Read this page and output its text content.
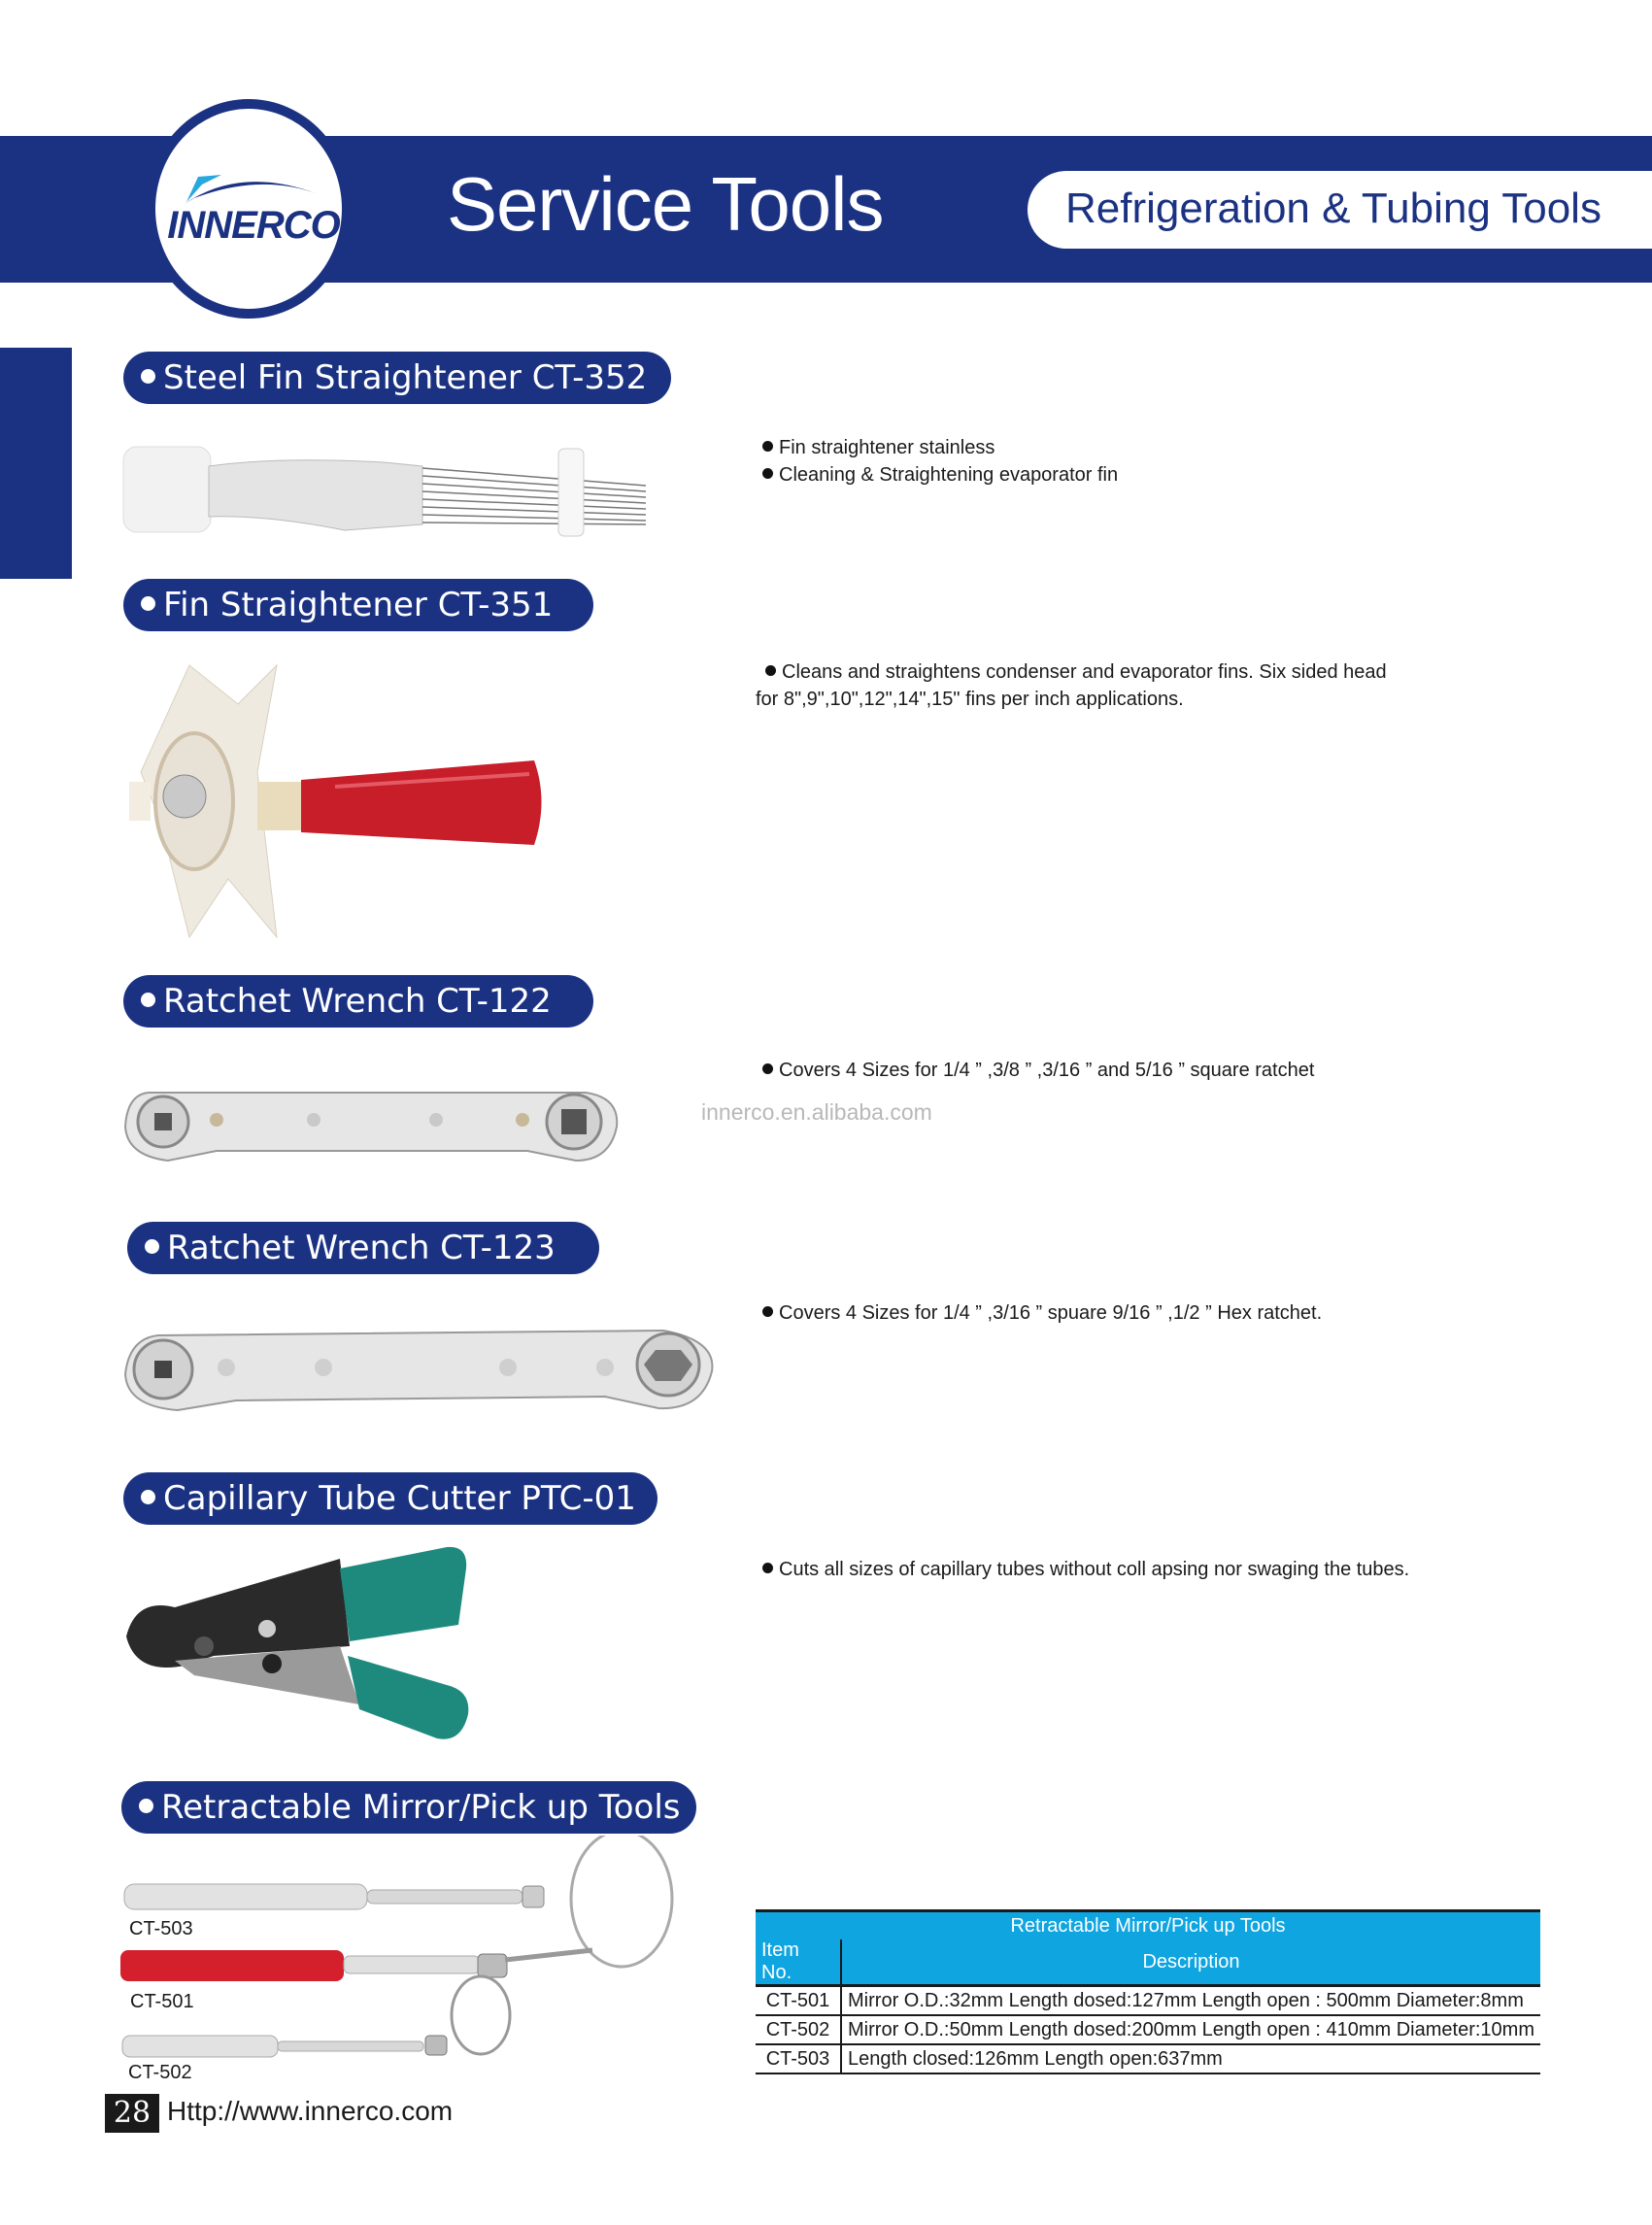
INNERCO Service Tools	Refrigeration & Tubing Tools
Steel Fin Straightener CT-352
Fin straightener stainless
Cleaning & Straightening evaporator fin
Fin Straightener CT-351
Cleans and straightens condenser and evaporator fins. Six sided head
for 8",9",10",12",14",15" fins per inch applications.
Ratchet Wrench CT-122
Covers 4 Sizes for 1/4 ” ,3/8 ” ,3/16 ” and 5/16 ” square ratchet
innerco.en.alibaba.com
Ratchet Wrench CT-123
Covers 4 Sizes for 1/4 ” ,3/16 ” spuare 9/16 ” ,1/2 ” Hex ratchet.
Capillary Tube Cutter PTC-01
Cuts all sizes of capillary tubes without coll apsing nor swaging the tubes.
Retractable Mirror/Pick up Tools
CT-503
CT-501
CT-502
Retractable Mirror/Pick up Tools	
Item No.	Description
CT-501	Mirror O.D.:32mm Length dosed:127mm Length open : 500mm Diameter:8mm
CT-502	Mirror O.D.:50mm Length dosed:200mm Length open : 410mm Diameter:10mm
CT-503	Length closed:126mm Length open:637mm
28 Http://www.innerco.com
